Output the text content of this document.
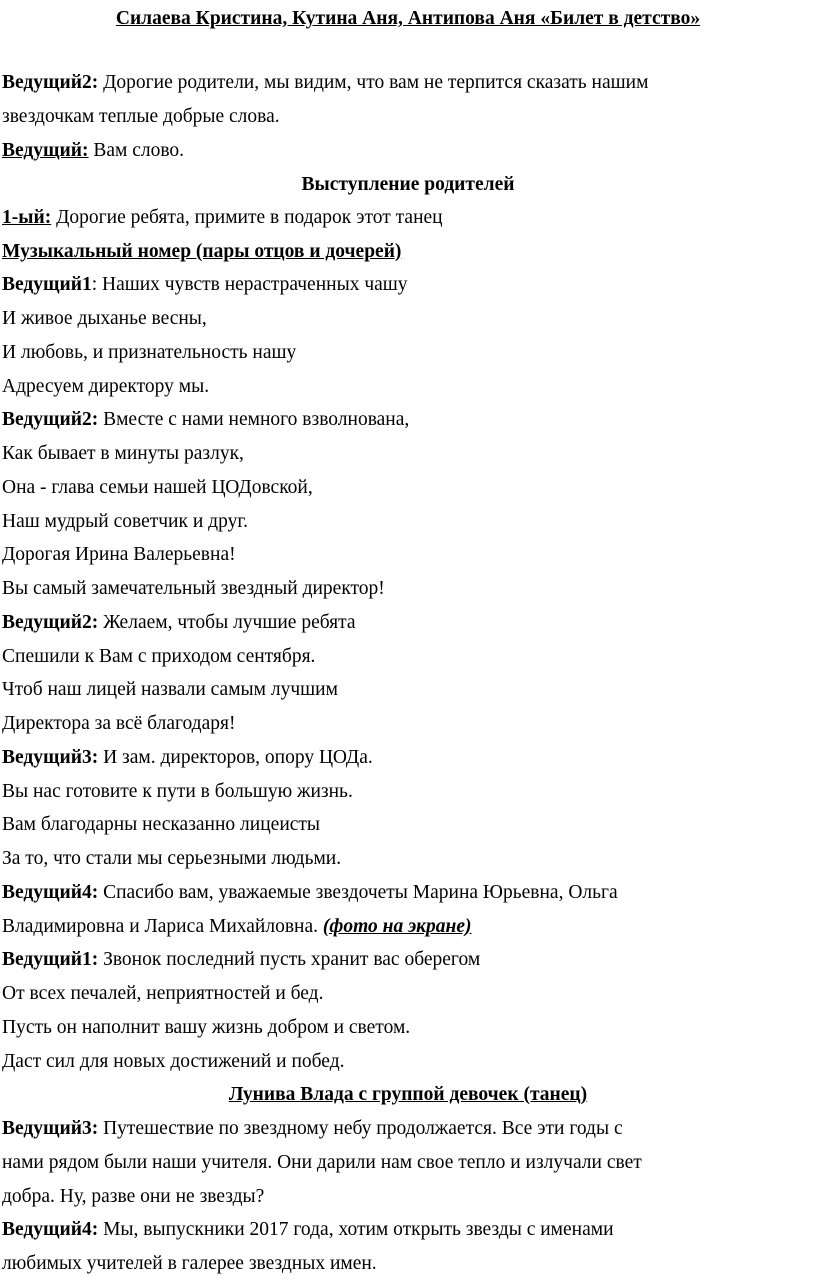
Силаева Кристина, Кутина Аня, Антипова Аня «Билет в детство»
Ведущий2: Дорогие родители, мы видим, что вам не терпится сказать нашим
звездочкам теплые добрые слова.
Ведущий: Вам слово.
Выступление родителей
1-ый: Дорогие ребята, примите в подарок этот танец
Музыкальный номер (пары отцов и дочерей)
Ведущий1: Наших чувств нерастраченных чашу
И живое дыханье весны,
И любовь, и признательность нашу
Адресуем директору мы.
Ведущий2: Вместе с нами немного взволнована,
Как бывает в минуты разлук,
Она - глава семьи нашей ЦОДовской,
Наш мудрый советчик и друг.
Дорогая Ирина Валерьевна!
Вы самый замечательный звездный директор!
Ведущий2: Желаем, чтобы лучшие ребята
Спешили к Вам с приходом сентября.
Чтоб наш лицей назвали самым лучшим
Директора за всё благодаря!
Ведущий3: И зам. директоров, опору ЦОДа.
Вы нас готовите к пути в большую жизнь.
Вам благодарны несказанно лицеисты
За то, что стали мы серьезными людьми.
Ведущий4: Спасибо вам, уважаемые звездочеты Марина Юрьевна, Ольга
Владимировна и Лариса Михайловна. (фото на экране)
Ведущий1: Звонок последний пусть хранит вас оберегом
От всех печалей, неприятностей и бед.
Пусть он наполнит вашу жизнь добром и светом.
Даст сил для новых достижений и побед.
Лунива Влада с группой девочек (танец)
Ведущий3: Путешествие по звездному небу продолжается. Все эти годы с
нами рядом были наши учителя. Они дарили нам свое тепло и излучали свет
добра. Ну, разве они не звезды?
Ведущий4: Мы, выпускники 2017 года, хотим открыть звезды с именами
любимых учителей в галерее звездных имен.
